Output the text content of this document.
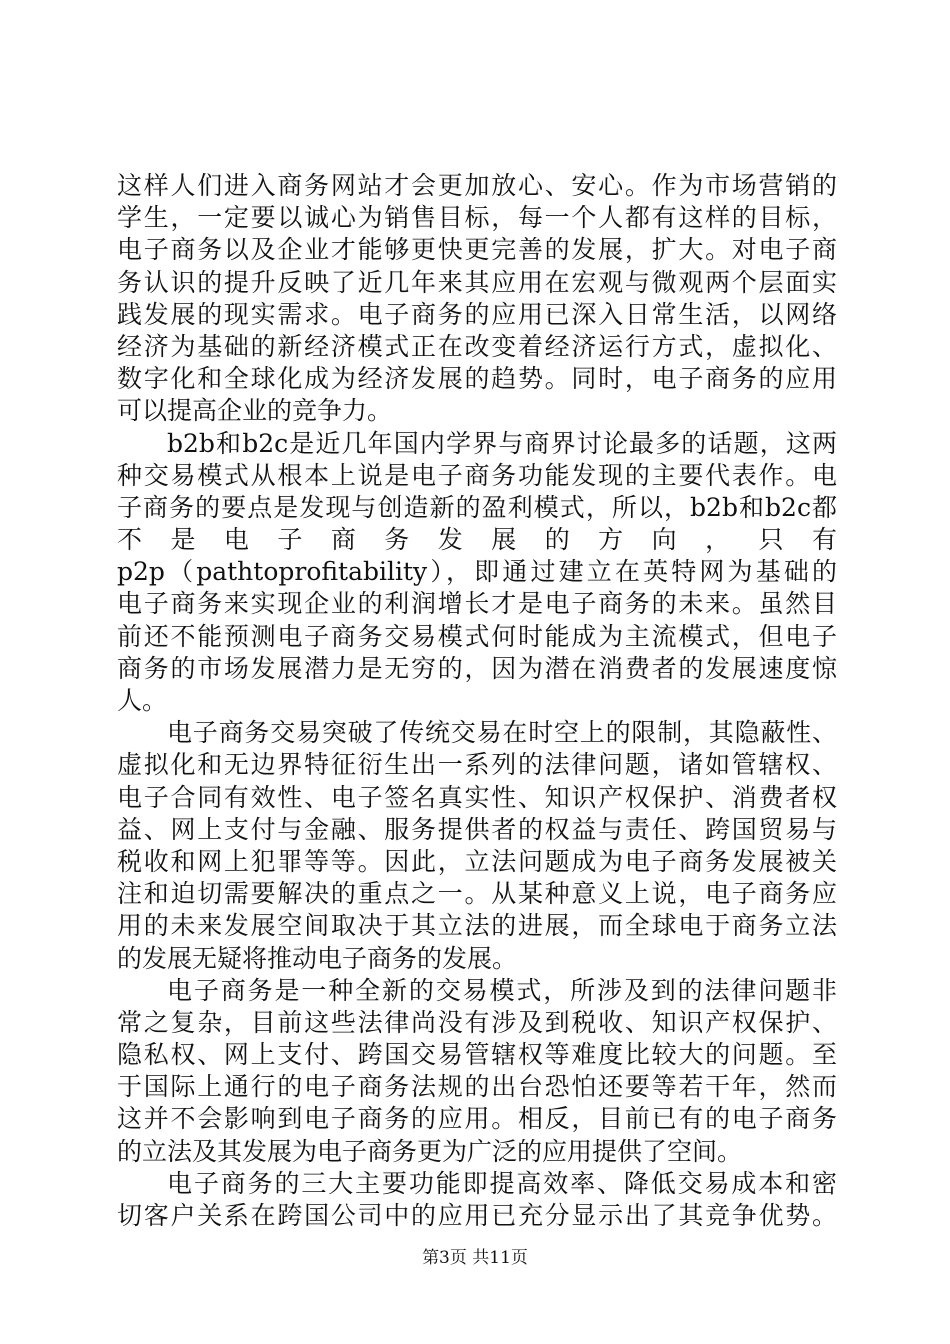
这样人们进入商务网站才会更加放心、安心。作为市场营销的
学生，一定要以诚心为销售目标，每一个人都有这样的目标，
电子商务以及企业才能够更快更完善的发展，扩大。对电子商
务认识的提升反映了近几年来其应用在宏观与微观两个层面实
践发展的现实需求。电子商务的应用已深入日常生活，以网络
经济为基础的新经济模式正在改变着经济运行方式，虚拟化、
数字化和全球化成为经济发展的趋势。同时，电子商务的应用
可以提高企业的竞争力。
b2b和b2c是近几年国内学界与商界讨论最多的话题，这两
种交易模式从根本上说是电子商务功能发现的主要代表作。电
子商务的要点是发现与创造新的盈利模式，所以，b2b和b2c都
不 是 电 子 商 务 发 展 的 方 向 ， 只 有
p2p（pathtoprofitability），即通过建立在英特网为基础的
电子商务来实现企业的利润增长才是电子商务的未来。虽然目
前还不能预测电子商务交易模式何时能成为主流模式，但电子
商务的市场发展潜力是无穷的，因为潜在消费者的发展速度惊
人。
电子商务交易突破了传统交易在时空上的限制，其隐蔽性、
虚拟化和无边界特征衍生出一系列的法律问题，诸如管辖权、
电子合同有效性、电子签名真实性、知识产权保护、消费者权
益、网上支付与金融、服务提供者的权益与责任、跨国贸易与
税收和网上犯罪等等。因此，立法问题成为电子商务发展被关
注和迫切需要解决的重点之一。从某种意义上说，电子商务应
用的未来发展空间取决于其立法的进展，而全球电于商务立法
的发展无疑将推动电子商务的发展。
电子商务是一种全新的交易模式，所涉及到的法律问题非
常之复杂，目前这些法律尚没有涉及到税收、知识产权保护、
隐私权、网上支付、跨国交易管辖权等难度比较大的问题。至
于国际上通行的电子商务法规的出台恐怕还要等若干年，然而
这并不会影响到电子商务的应用。相反，目前已有的电子商务
的立法及其发展为电子商务更为广泛的应用提供了空间。
电子商务的三大主要功能即提高效率、降低交易成本和密
切客户关系在跨国公司中的应用已充分显示出了其竞争优势。
第3页 共11页
